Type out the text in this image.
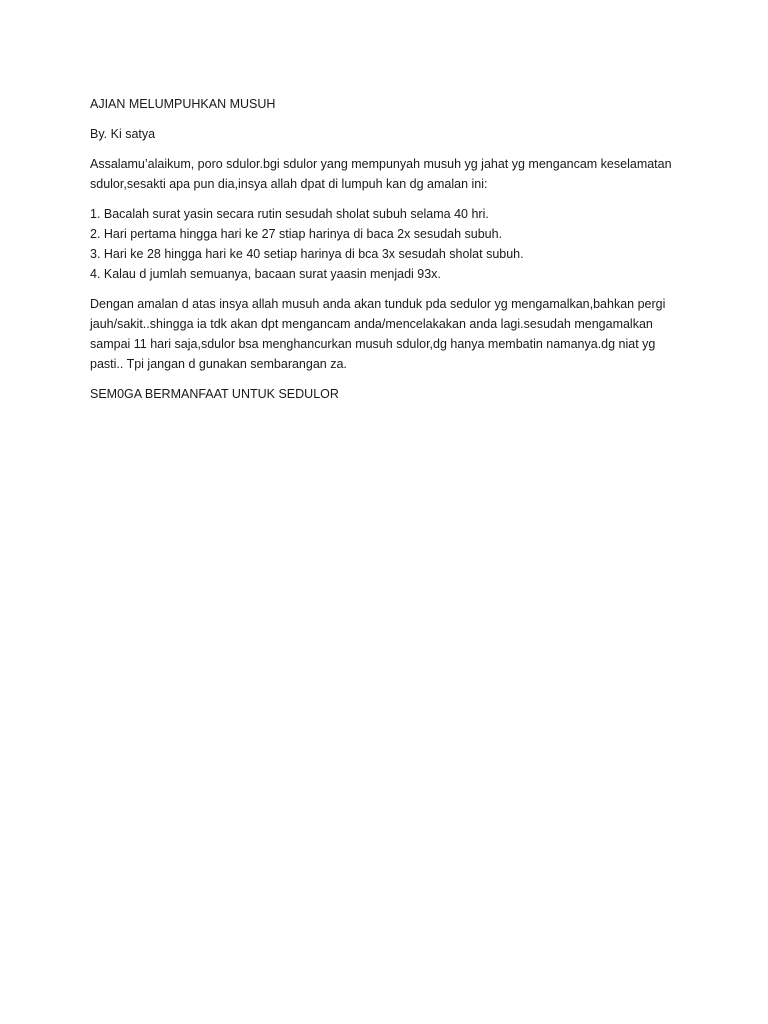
AJIAN MELUMPUHKAN MUSUH

By. Ki satya

Assalamu’alaikum, poro sdulor.bgi sdulor yang mempunyah musuh yg jahat yg mengancam keselamatan
sdulor,sesakti apa pun dia,insya allah dpat di lumpuh kan dg amalan ini:

1. Bacalah surat yasin secara rutin sesudah sholat subuh selama 40 hri.
2. Hari pertama hingga hari ke 27 stiap harinya di baca 2x sesudah subuh.
3. Hari ke 28 hingga hari ke 40 setiap harinya di bca 3x sesudah sholat subuh.
4. Kalau d jumlah semuanya, bacaan surat yaasin menjadi 93x.

Dengan amalan d atas insya allah musuh anda akan tunduk pda sedulor yg mengamalkan,bahkan pergi
jauh/sakit..shingga ia tdk akan dpt mengancam anda/mencelakakan anda lagi.sesudah mengamalkan
sampai 11 hari saja,sdulor bsa menghancurkan musuh sdulor,dg hanya membatin namanya.dg niat yg
pasti.. Tpi jangan d gunakan sembarangan za.

SEM0GA BERMANFAAT UNTUK SEDULOR
